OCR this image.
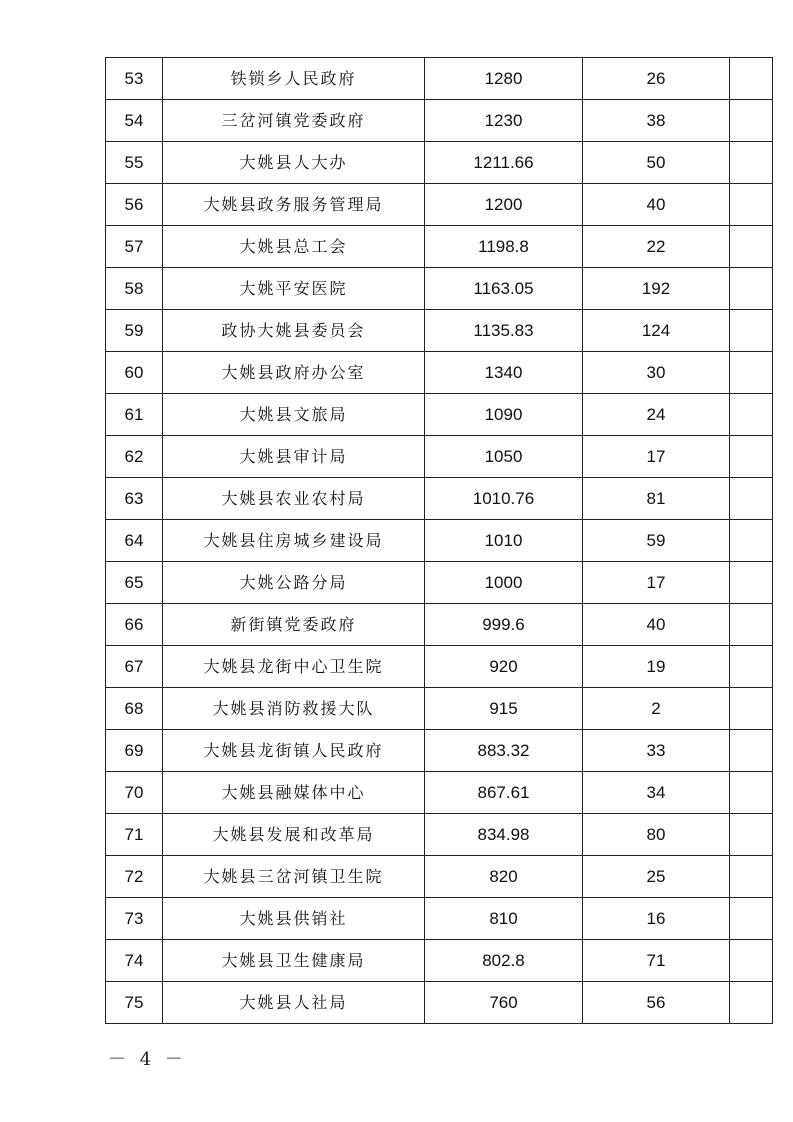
53	铁锁乡人民政府	1280	26	
54	三岔河镇党委政府	1230	38	
55	大姚县人大办	1211.66	50	
56	大姚县政务服务管理局	1200	40	
57	大姚县总工会	1198.8	22	
58	大姚平安医院	1163.05	192	
59	政协大姚县委员会	1135.83	124	
60	大姚县政府办公室	1340	30	
61	大姚县文旅局	1090	24	
62	大姚县审计局	1050	17	
63	大姚县农业农村局	1010.76	81	
64	大姚县住房城乡建设局	1010	59	
65	大姚公路分局	1000	17	
66	新街镇党委政府	999.6	40	
67	大姚县龙街中心卫生院	920	19	
68	大姚县消防救援大队	915	2	
69	大姚县龙街镇人民政府	883.32	33	
70	大姚县融媒体中心	867.61	34	
71	大姚县发展和改革局	834.98	80	
72	大姚县三岔河镇卫生院	820	25	
73	大姚县供销社	810	16	
74	大姚县卫生健康局	802.8	71	
75	大姚县人社局	760	56	
－ 4 －
